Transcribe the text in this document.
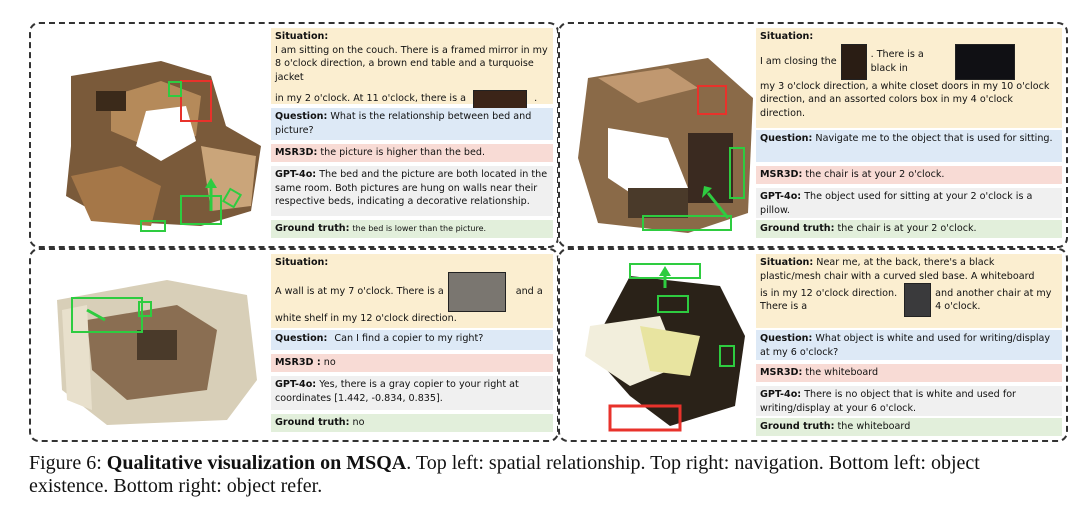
Situation:
I am sitting on the couch. There is a framed mirror in my 8 o'clock direction, a brown end table and a turquoise jacket
in my 2 o'clock. At 11 o'clock, there is a	.
Question: What is the relationship between bed and picture?
MSR3D: the picture is higher than the bed.
GPT-4o: The bed and the picture are both located in the same room. Both pictures are hung on walls near their respective beds, indicating a decorative relationship.
Ground truth: the bed is lower than the picture.
Situation:

I am closing the
. There is a black in
my 3 o'clock direction, a white closet doors in my 10 o'clock direction, and an assorted colors box in my 4 o'clock direction.
Question: Navigate me to the object that is used for sitting.
MSR3D: the chair is at your 2 o'clock.
GPT-4o: The object used for sitting at your 2 o'clock is a pillow.
Ground truth: the chair is at your 2 o'clock.
Situation:
A wall is at my 7 o'clock. There is a	and a
white shelf in my 12 o'clock direction.
Question: Can I find a copier to my right?
MSR3D : no
GPT-4o: Yes, there is a gray copier to your right at coordinates [1.442, -0.834, 0.835].
Ground truth: no
Situation: Near me, at the back, there's a black plastic/mesh chair with a curved sled base. A whiteboard
is in my 12 o'clock direction. There is a
and another chair at my 4 o'clock.
Question: What object is white and used for writing/display at my 6 o'clock?
MSR3D: the whiteboard
GPT-4o: There is no object that is white and used for writing/display at your 6 o'clock.
Ground truth: the whiteboard
Figure 6: Qualitative visualization on MSQA. Top left: spatial relationship. Top right: navigation. Bottom left: object existence. Bottom right: object refer.
